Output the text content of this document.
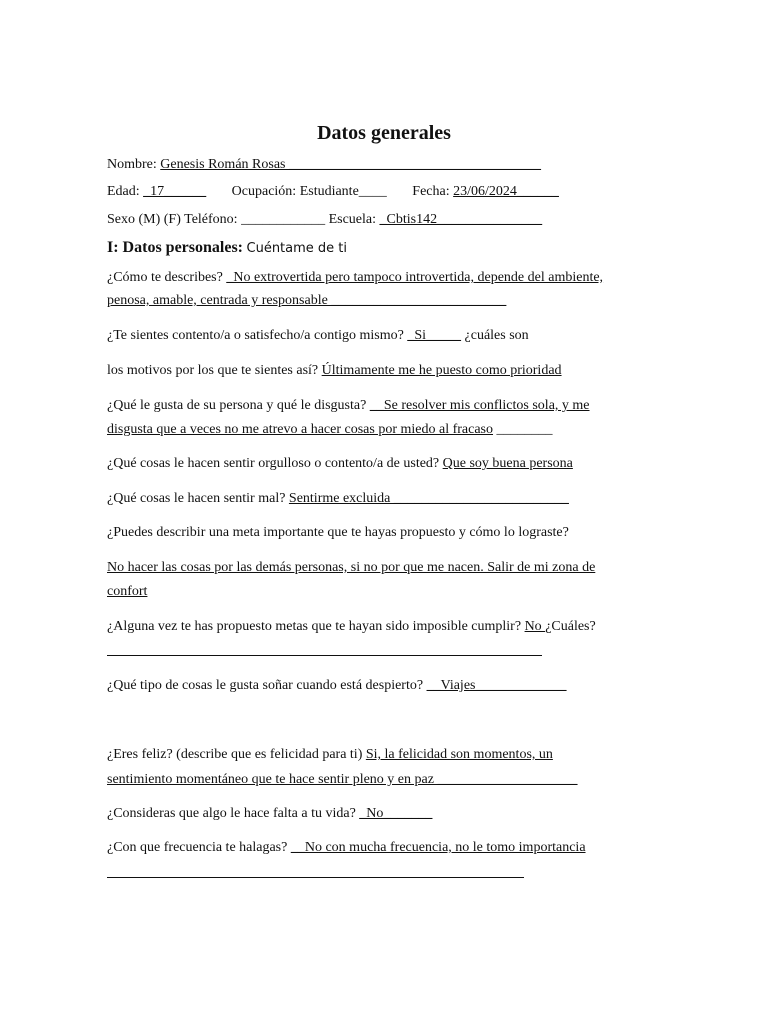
Datos generales
Nombre: Genesis Román Rosas ____________________________________
Edad: _17______ Ocupación: Estudiante____ Fecha: 23/06/2024______
Sexo (M) (F) Teléfono: ____________ Escuela: _Cbtis142_______________
I: Datos personales: Cuéntame de ti
¿Cómo te describes? _No extrovertida pero tampoco introvertida, depende del ambiente,
penosa, amable, centrada y responsable _________________________
¿Te sientes contento/a o satisfecho/a contigo mismo? _Si_____ ¿cuáles son
los motivos por los que te sientes así? Últimamente me he puesto como prioridad
¿Qué le gusta de su persona y qué le disgusta? __Se resolver mis conflictos sola, y me
disgusta que a veces no me atrevo a hacer cosas por miedo al fracaso ________
¿Qué cosas le hacen sentir orgulloso o contento/a de usted? Que soy buena persona
¿Qué cosas le hacen sentir mal? Sentirme excluida _________________________
¿Puedes describir una meta importante que te hayas propuesto y cómo lo lograste?
No hacer las cosas por las demás personas, si no por que me nacen. Salir de mi zona de
confort
¿Alguna vez te has propuesto metas que te hayan sido imposible cumplir? No ¿Cuáles?
¿Qué tipo de cosas le gusta soñar cuando está despierto? __Viajes_____________
¿Eres feliz? (describe que es felicidad para ti) Si, la felicidad son momentos, un
sentimiento momentáneo que te hace sentir pleno y en paz ____________________
¿Consideras que algo le hace falta a tu vida? _No_______
¿Con que frecuencia te halagas? __No con mucha frecuencia, no le tomo importancia
